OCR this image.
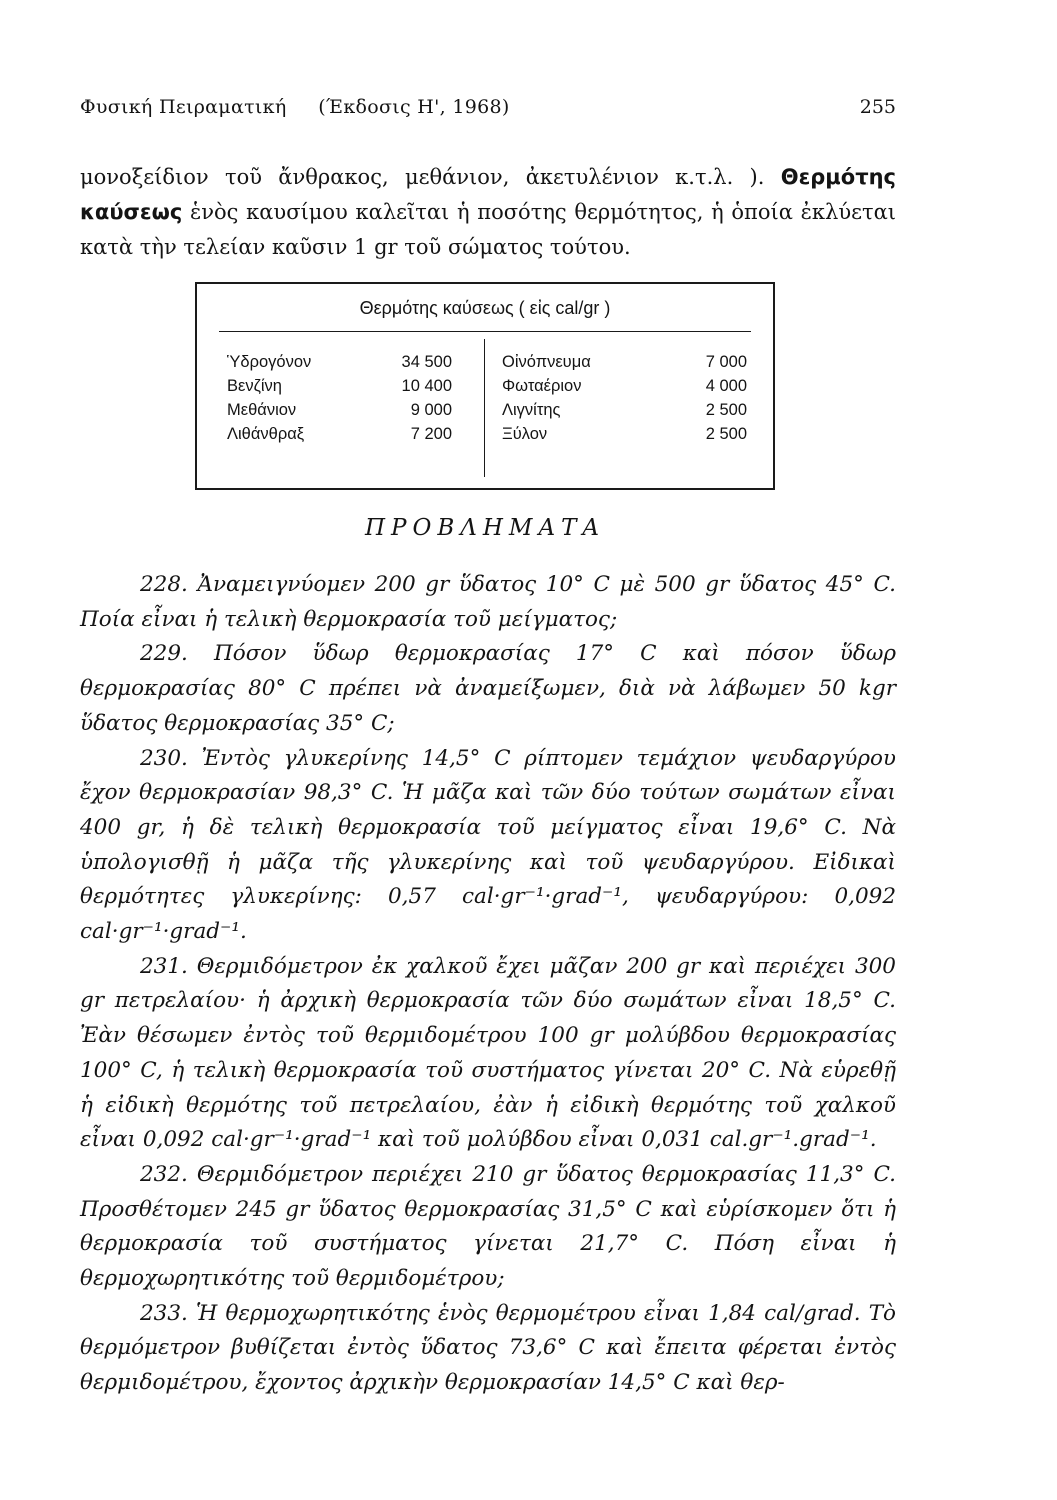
Φυσική Πειραματική     (Έκδοσις Η', 1968)	255
μονοξείδιον τοῦ ἄνθρακος, μεθάνιον, ἀκετυλένιον κ.τ.λ. ). Θερμότης καύσεως ἑνὸς καυσίμου καλεῖται ἡ ποσότης θερμότητος, ἡ ὁποία ἐκλύεται κατὰ τὴν τελείαν καῦσιν 1 gr τοῦ σώματος τούτου.
Θερμότης καύσεως ( εἰς cal/gr )
Ὑδρογόνον
Βενζίνη
Μεθάνιον
Λιθάνθραξ
34 500
10 400
9 000
7 200
Οἰνόπνευμα
Φωταέριον
Λιγνίτης
Ξύλον
7 000
4 000
2 500
2 500
ΠΡΟΒΛΗΜΑΤΑ

228. Ἀναμειγνύομεν 200 gr ὕδατος 10° C μὲ 500 gr ὕδατος 45° C. Ποία εἶναι ἡ τελικὴ θερμοκρασία τοῦ μείγματος;

229. Πόσον ὕδωρ θερμοκρασίας 17° C καὶ πόσον ὕδωρ θερμοκρασίας 80° C πρέπει νὰ ἀναμείξωμεν, διὰ νὰ λάβωμεν 50 kgr ὕδατος θερμοκρασίας 35° C;

230. Ἐντὸς γλυκερίνης 14,5° C ρίπτομεν τεμάχιον ψευδαργύρου ἔχον θερμοκρασίαν 98,3° C. Ἡ μᾶζα καὶ τῶν δύο τούτων σωμάτων εἶναι 400 gr, ἡ δὲ τελικὴ θερμοκρασία τοῦ μείγματος εἶναι 19,6° C. Νὰ ὑπολογισθῇ ἡ μᾶζα τῆς γλυκερίνης καὶ τοῦ ψευδαργύρου. Εἰδικαὶ θερμότητες γλυκερίνης: 0,57 cal·gr⁻¹·grad⁻¹, ψευδαργύρου: 0,092 cal·gr⁻¹·grad⁻¹.

231. Θερμιδόμετρον ἐκ χαλκοῦ ἔχει μᾶζαν 200 gr καὶ περιέχει 300 gr πετρελαίου· ἡ ἀρχικὴ θερμοκρασία τῶν δύο σωμάτων εἶναι 18,5° C. Ἐὰν θέσωμεν ἐντὸς τοῦ θερμιδομέτρου 100 gr μολύβδου θερμοκρασίας 100° C, ἡ τελικὴ θερμοκρασία τοῦ συστήματος γίνεται 20° C. Νὰ εὑρεθῇ ἡ εἰδικὴ θερμότης τοῦ πετρελαίου, ἐὰν ἡ εἰδικὴ θερμότης τοῦ χαλκοῦ εἶναι 0,092 cal·gr⁻¹·grad⁻¹ καὶ τοῦ μολύβδου εἶναι 0,031 cal.gr⁻¹.grad⁻¹.

232. Θερμιδόμετρον περιέχει 210 gr ὕδατος θερμοκρασίας 11,3° C. Προσθέτομεν 245 gr ὕδατος θερμοκρασίας 31,5° C καὶ εὑρίσκομεν ὅτι ἡ θερμοκρασία τοῦ συστήματος γίνεται 21,7° C. Πόση εἶναι ἡ θερμοχωρητικότης τοῦ θερμιδομέτρου;

233. Ἡ θερμοχωρητικότης ἑνὸς θερμομέτρου εἶναι 1,84 cal/grad. Τὸ θερμόμετρον βυθίζεται ἐντὸς ὕδατος 73,6° C καὶ ἔπειτα φέρεται ἐντὸς θερμιδομέτρου, ἔχοντος ἀρχικὴν θερμοκρασίαν 14,5° C καὶ θερ-
